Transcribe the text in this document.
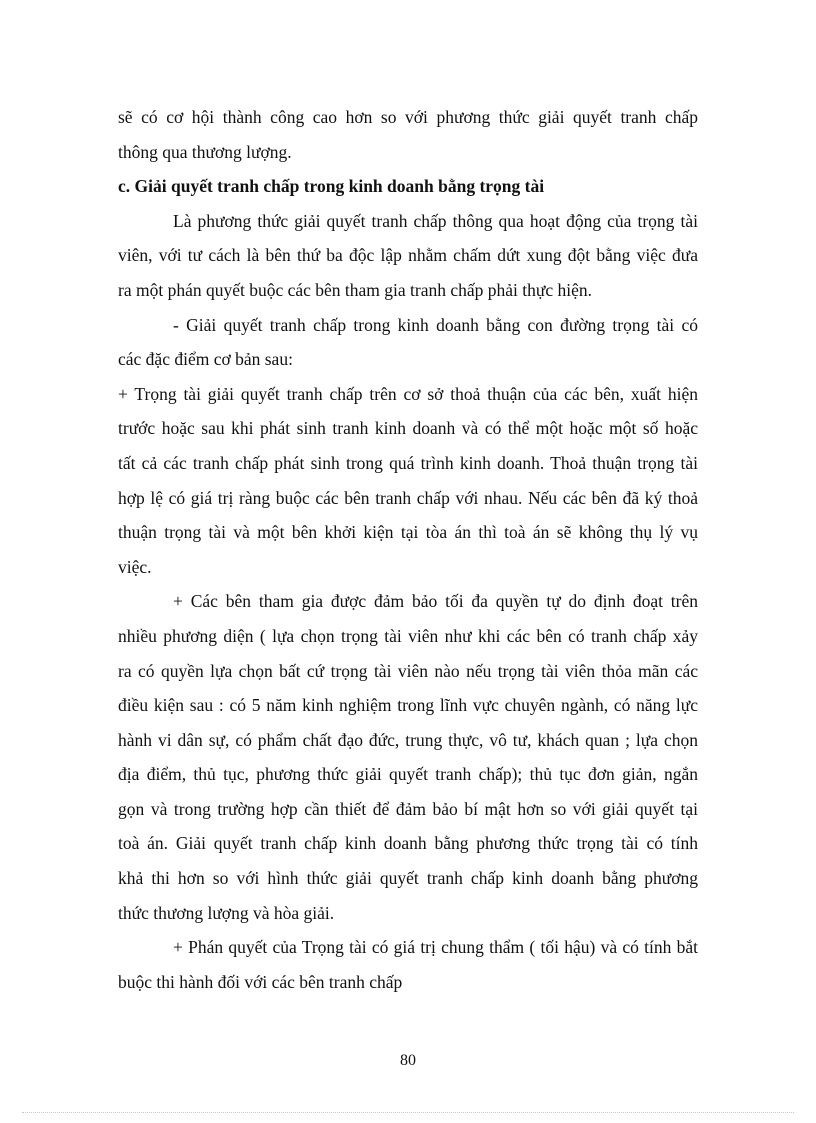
sẽ có cơ hội thành công cao hơn so với phương thức giải quyết tranh chấp
thông qua thương lượng.
c. Giải quyết tranh chấp trong kinh doanh bằng trọng tài
Là phương thức giải quyết tranh chấp thông qua hoạt động của trọng tài
viên, với tư cách là bên thứ ba độc lập nhằm chấm dứt xung đột bằng việc đưa
ra một phán quyết buộc các bên tham gia tranh chấp phải thực hiện.
- Giải quyết tranh chấp trong kinh doanh bằng con đường trọng tài có
các đặc điểm cơ bản sau:
+ Trọng tài giải quyết tranh chấp trên cơ sở thoả thuận của các bên, xuất hiện
trước hoặc sau khi phát sinh tranh kinh doanh và có thể một hoặc một số hoặc
tất cả các tranh chấp phát sinh trong quá trình kinh doanh. Thoả thuận trọng tài
hợp lệ có giá trị ràng buộc các bên tranh chấp với nhau. Nếu các bên đã ký thoả
thuận trọng tài và một bên khởi kiện tại tòa án thì toà án sẽ không thụ lý vụ
việc.
+ Các bên tham gia được đảm bảo tối đa quyền tự do định đoạt trên
nhiều phương diện ( lựa chọn trọng tài viên như khi các bên có tranh chấp xảy
ra có quyền lựa chọn bất cứ trọng tài viên nào nếu trọng tài viên thỏa mãn các
điều kiện sau : có 5 năm kinh nghiệm trong lĩnh vực chuyên ngành, có năng lực
hành vi dân sự, có phẩm chất đạo đức, trung thực, vô tư, khách quan ; lựa chọn
địa điểm, thủ tục, phương thức giải quyết tranh chấp); thủ tục đơn giản, ngắn
gọn và trong trường hợp cần thiết để đảm bảo bí mật hơn so với giải quyết tại
toà án. Giải quyết tranh chấp kinh doanh bằng phương thức trọng tài có tính
khả thi hơn so với hình thức giải quyết tranh chấp kinh doanh bằng phương
thức thương lượng và hòa giải.
+ Phán quyết của Trọng tài có giá trị chung thẩm ( tối hậu) và có tính bắt
buộc thi hành đối với các bên tranh chấp
80
